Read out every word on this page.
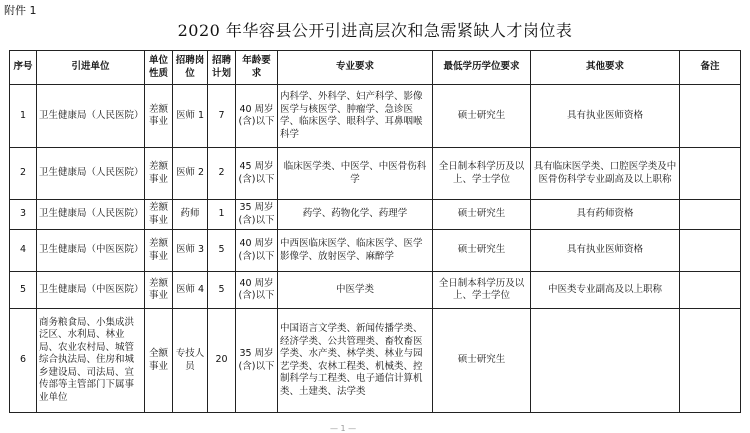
附件 1
2020 年华容县公开引进高层次和急需紧缺人才岗位表
序号	引进单位	单位性质	招聘岗位	招聘计划	年龄要求	专业要求	最低学历学位要求	其他要求	备注
1	卫生健康局（人民医院）	差额事业	医师 1	7	40 周岁(含)以下	内科学、外科学、妇产科学、影像医学与核医学、肿瘤学、急诊医学、临床医学、眼科学、耳鼻咽喉科学	硕士研究生	具有执业医师资格	
2	卫生健康局（人民医院）	差额事业	医师 2	2	45 周岁(含)以下	临床医学类、中医学、中医骨伤科学	全日制本科学历及以上、学士学位	具有临床医学类、口腔医学类及中医骨伤科学专业副高及以上职称	
3	卫生健康局（人民医院）	差额事业	药师	1	35 周岁(含)以下	药学、药物化学、药理学	硕士研究生	具有药师资格	
4	卫生健康局（中医医院）	差额事业	医师 3	5	40 周岁(含)以下	中西医临床医学、临床医学、医学影像学、放射医学、麻醉学	硕士研究生	具有执业医师资格	
5	卫生健康局（中医医院）	差额事业	医师 4	5	40 周岁(含)以下	中医学类	全日制本科学历及以上、学士学位	中医类专业副高及以上职称	
6	商务粮食局、小集成洪泛区、水利局、林业局、农业农村局、城管综合执法局、住房和城乡建设局、司法局、宣传部等主管部门下属事业单位	全额事业	专技人员	20	35 周岁(含)以下	中国语言文学类、新闻传播学类、经济学类、公共管理类、畜牧畜医学类、水产类、林学类、林业与园艺学类、农林工程类、机械类、控制科学与工程类、电子通信计算机类、土建类、法学类	硕士研究生		
— 1 —
